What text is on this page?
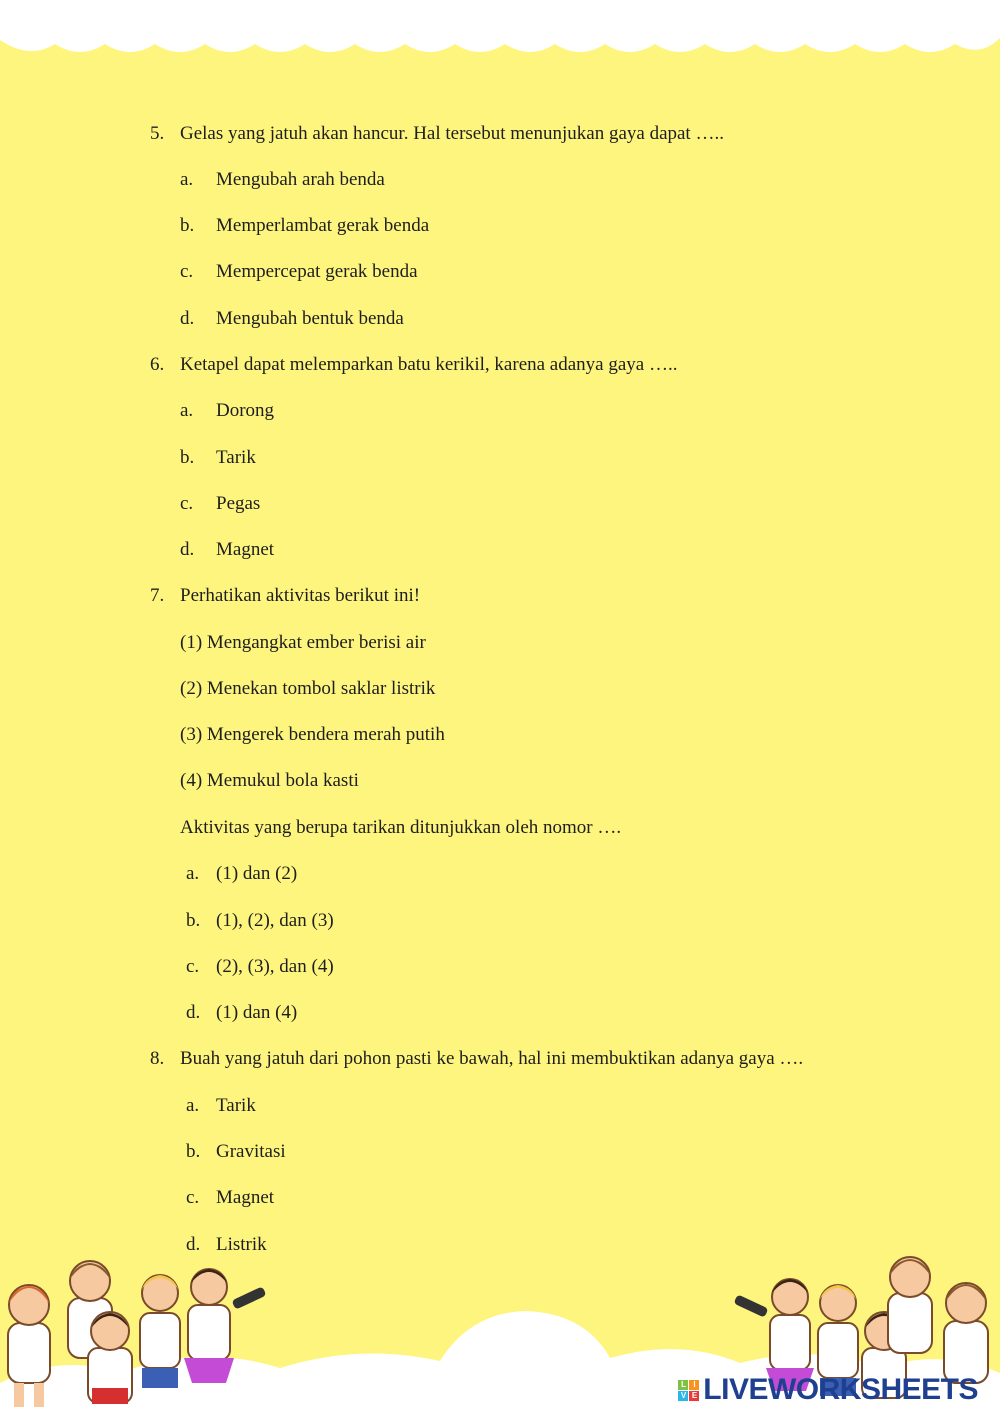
5. Gelas yang jatuh akan hancur. Hal tersebut menunjukan gaya dapat …..
a. Mengubah arah benda
b. Memperlambat gerak benda
c. Mempercepat gerak benda
d. Mengubah bentuk benda
6. Ketapel dapat melemparkan batu kerikil, karena adanya gaya …..
a. Dorong
b. Tarik
c. Pegas
d. Magnet
7. Perhatikan aktivitas berikut ini!
(1) Mengangkat ember berisi air
(2) Menekan tombol saklar listrik
(3) Mengerek bendera merah putih
(4) Memukul bola kasti
Aktivitas yang berupa tarikan ditunjukkan oleh nomor ….
a. (1) dan (2)
b. (1), (2), dan (3)
c. (2), (3), dan (4)
d. (1) dan (4)
8. Buah yang jatuh dari pohon pasti ke bawah, hal ini membuktikan adanya gaya ….
a. Tarik
b. Gravitasi
c. Magnet
d. Listrik
L I
V E LIVEWORKSHEETS
